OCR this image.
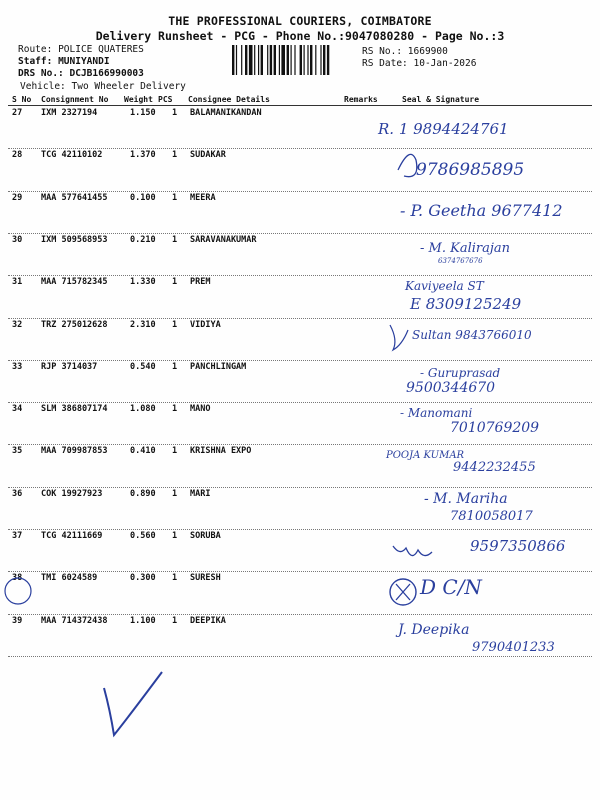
THE PROFESSIONAL COURIERS, COIMBATORE
Delivery Runsheet - PCG - Phone No.:9047080280 - Page No.:3
Route: POLICE QUATERES
Staff: MUNIYANDI
DRS No.: DCJB166990003
Vehicle: Two Wheeler Delivery
RS No.: 1669900
RS Date: 10-Jan-2026
S No Consignment No Weight PCS Consignee Details	Remarks	Seal & Signature
27 IXM 2327194	1.150 1 BALAMANIKANDAN
R. 1 9894424761
28 TCG 42110102	1.370 1 SUDAKAR
9786985895
29 MAA 577641455	0.100 1 MEERA
- P. Geetha 9677412
30 IXM 509568953	0.210 1 SARAVANAKUMAR
- M. Kalirajan
6374767676
31 MAA 715782345	1.330 1 PREM	Kaviyeela ST
E 8309125249
32 TRZ 275012628	2.310 1 VIDIYA
Sultan 9843766010
33 RJP 3714037	0.540 1 PANCHLINGAM	- Guruprasad
9500344670
34 SLM 386807174	1.080 1 MANO	- Manomani
7010769209
35 MAA 709987853	0.410 1 KRISHNA EXPO	POOJA KUMAR
9442232455
36 COK 19927923	0.890 1 MARI	- M. Mariha
7810058017
37 TCG 42111669	0.560 1 SORUBA
9597350866
38 TMI 6024589	0.300 1 SURESH	D C/N
39 MAA 714372438	1.100 1 DEEPIKA
J. Deepika
9790401233
